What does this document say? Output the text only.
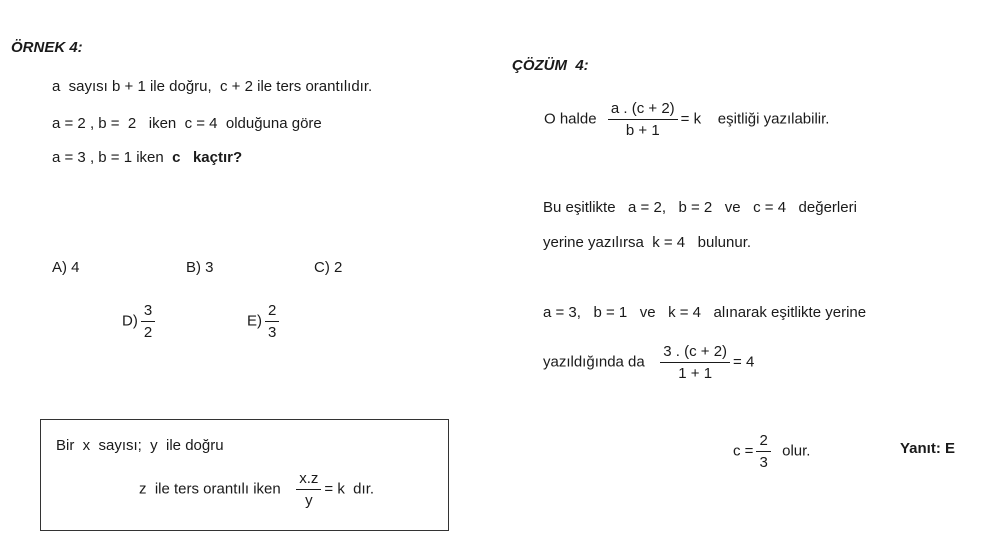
ÖRNEK 4:
a  sayısı b + 1 ile doğru,  c + 2 ile ters orantılıdır.
a = 2 , b =  2   iken  c = 4  olduğuna göre
a = 3 , b = 1 iken  c kaçtır?
A) 4	B) 3	C) 2
$D) \frac{3}{2}$	$E) \frac{2}{3}$
Bir  x  sayısı;  y  ile doğru
z  ile ters orantılı iken $\frac{x.z}{y} = k$  dır.
ÇÖZÜM  4:
O halde $\frac{a . (c + 2)}{b + 1} = k$    eşitliği yazılabilir.
Bu eşitlikte   a = 2,   b = 2   ve   c = 4   değerleri
yerine yazılırsa  k = 4   bulunur.
a = 3,   b = 1   ve   k = 4   alınarak eşitlikte yerine
yazıldığında da $\frac{3 . (c + 2)}{1 + 1} = 4$
$c = \frac{2}{3}$ olur.	Yanıt: E
